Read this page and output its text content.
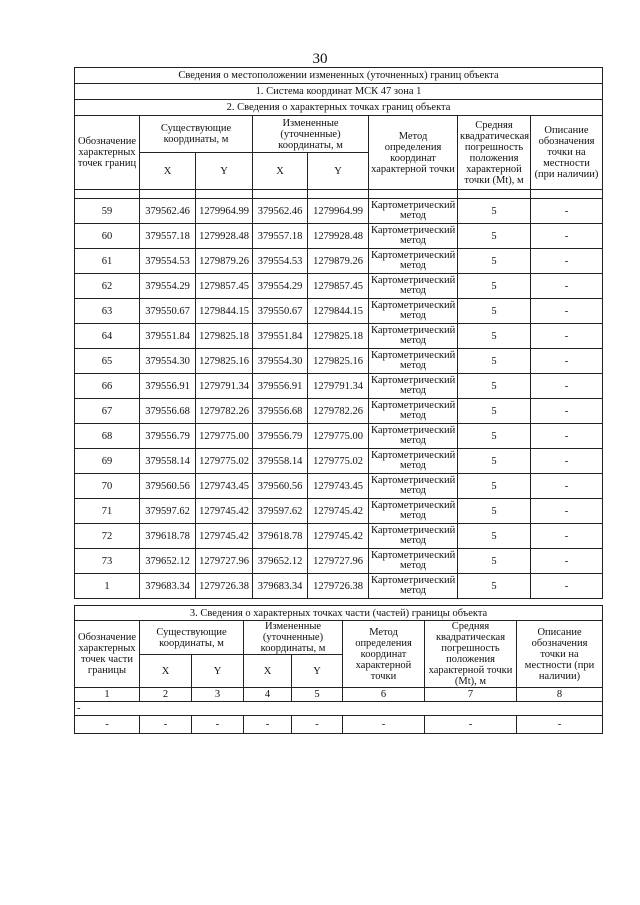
30
Сведения о местоположении измененных (уточненных) границ объекта							
1. Система координат МСК 47 зона 1							
2. Сведения о характерных точках границ объекта							
Обозначение характерных точек границ	Существующие координаты, м		Измененные (уточненные) координаты, м		Метод определения координат характерной точки	Средняя квадратическая погрешность положения характерной точки (Mt), м	Описание обозначения точки на местности (при наличии)
	X	Y	X	Y			

59	379562.46	1279964.99	379562.46	1279964.99	Картометрический метод	5	-
60	379557.18	1279928.48	379557.18	1279928.48	Картометрический метод	5	-
61	379554.53	1279879.26	379554.53	1279879.26	Картометрический метод	5	-
62	379554.29	1279857.45	379554.29	1279857.45	Картометрический метод	5	-
63	379550.67	1279844.15	379550.67	1279844.15	Картометрический метод	5	-
64	379551.84	1279825.18	379551.84	1279825.18	Картометрический метод	5	-
65	379554.30	1279825.16	379554.30	1279825.16	Картометрический метод	5	-
66	379556.91	1279791.34	379556.91	1279791.34	Картометрический метод	5	-
67	379556.68	1279782.26	379556.68	1279782.26	Картометрический метод	5	-
68	379556.79	1279775.00	379556.79	1279775.00	Картометрический метод	5	-
69	379558.14	1279775.02	379558.14	1279775.02	Картометрический метод	5	-
70	379560.56	1279743.45	379560.56	1279743.45	Картометрический метод	5	-
71	379597.62	1279745.42	379597.62	1279745.42	Картометрический метод	5	-
72	379618.78	1279745.42	379618.78	1279745.42	Картометрический метод	5	-
73	379652.12	1279727.96	379652.12	1279727.96	Картометрический метод	5	-
1	379683.34	1279726.38	379683.34	1279726.38	Картометрический метод	5	-
3. Сведения о характерных точках части (частей) границы объекта							
Обозначение характерных точек части границы	Существующие координаты, м		Измененные (уточненные) координаты, м		Метод определения координат характерной точки	Средняя квадратическая погрешность положения характерной точки (Mt), м	Описание обозначения точки на местности (при наличии)
	X	Y	X	Y			
1	2	3	4	5	6	7	8
-							
-	-	-	-	-	-	-	-
